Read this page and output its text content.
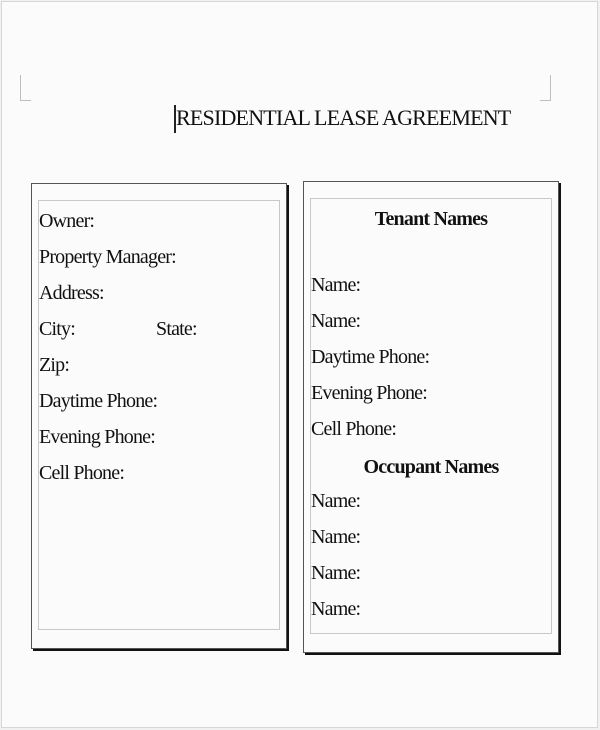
RESIDENTIAL LEASE AGREEMENT
Owner:
Property Manager:
Address:
City:	State:
Zip:
Daytime Phone:
Evening Phone:
Cell Phone:
Tenant Names
Name:
Name:
Daytime Phone:
Evening Phone:
Cell Phone:
Occupant Names
Name:
Name:
Name:
Name:
